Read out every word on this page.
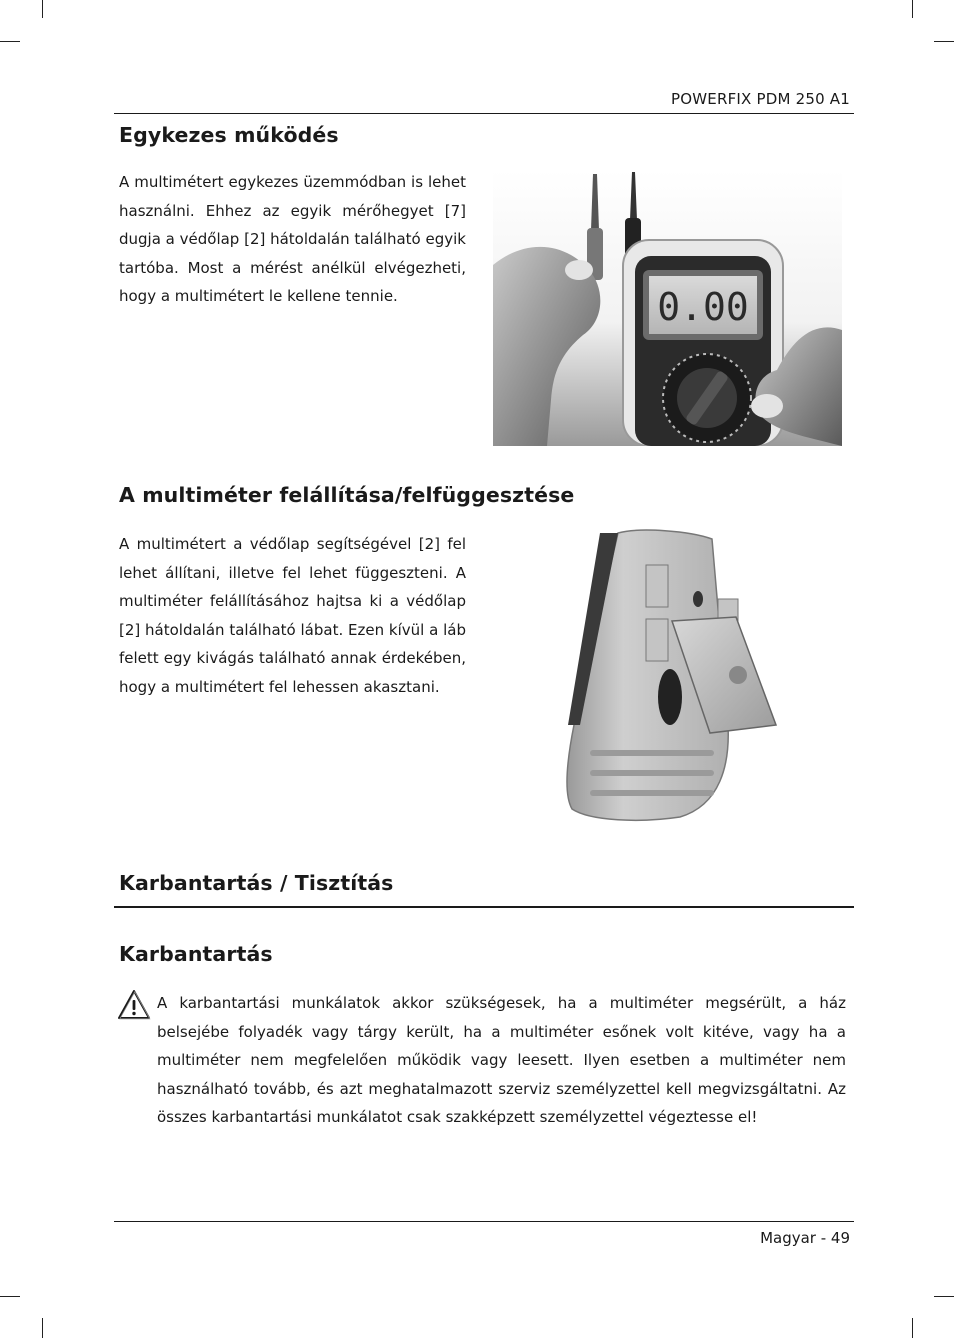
POWERFIX PDM 250 A1
Egykezes működés

A multimétert egykezes üzemmódban is lehet használni. Ehhez az egyik mérőhegyet [7] dugja a védőlap [2] hátoldalán található egyik tartóba. Most a mérést anélkül elvégezheti, hogy a multimétert le kellene tennie.	0.00
A multiméter felállítása/felfüggesztése

A multimétert a védőlap segítségével [2] fel lehet állítani, illetve fel lehet függeszteni. A multiméter felállításához hajtsa ki a védőlap [2] hátoldalán található lábat. Ezen kívül a láb felett egy kivágás található annak érdekében, hogy a multimétert fel lehessen akasztani.

Karbantartás / Tisztítás
Karbantartás

A karbantartási munkálatok akkor szükségesek, ha a multiméter megsérült, a ház belsejébe folyadék vagy tárgy került, ha a multiméter esőnek volt kitéve, vagy ha a multiméter nem megfelelően működik vagy leesett. Ilyen esetben a multiméter nem használható tovább, és azt meghatalmazott szerviz személyzettel kell megvizsgáltatni. Az összes karbantartási munkálatot csak szakképzett személyzettel végeztesse el!

Magyar - 49
